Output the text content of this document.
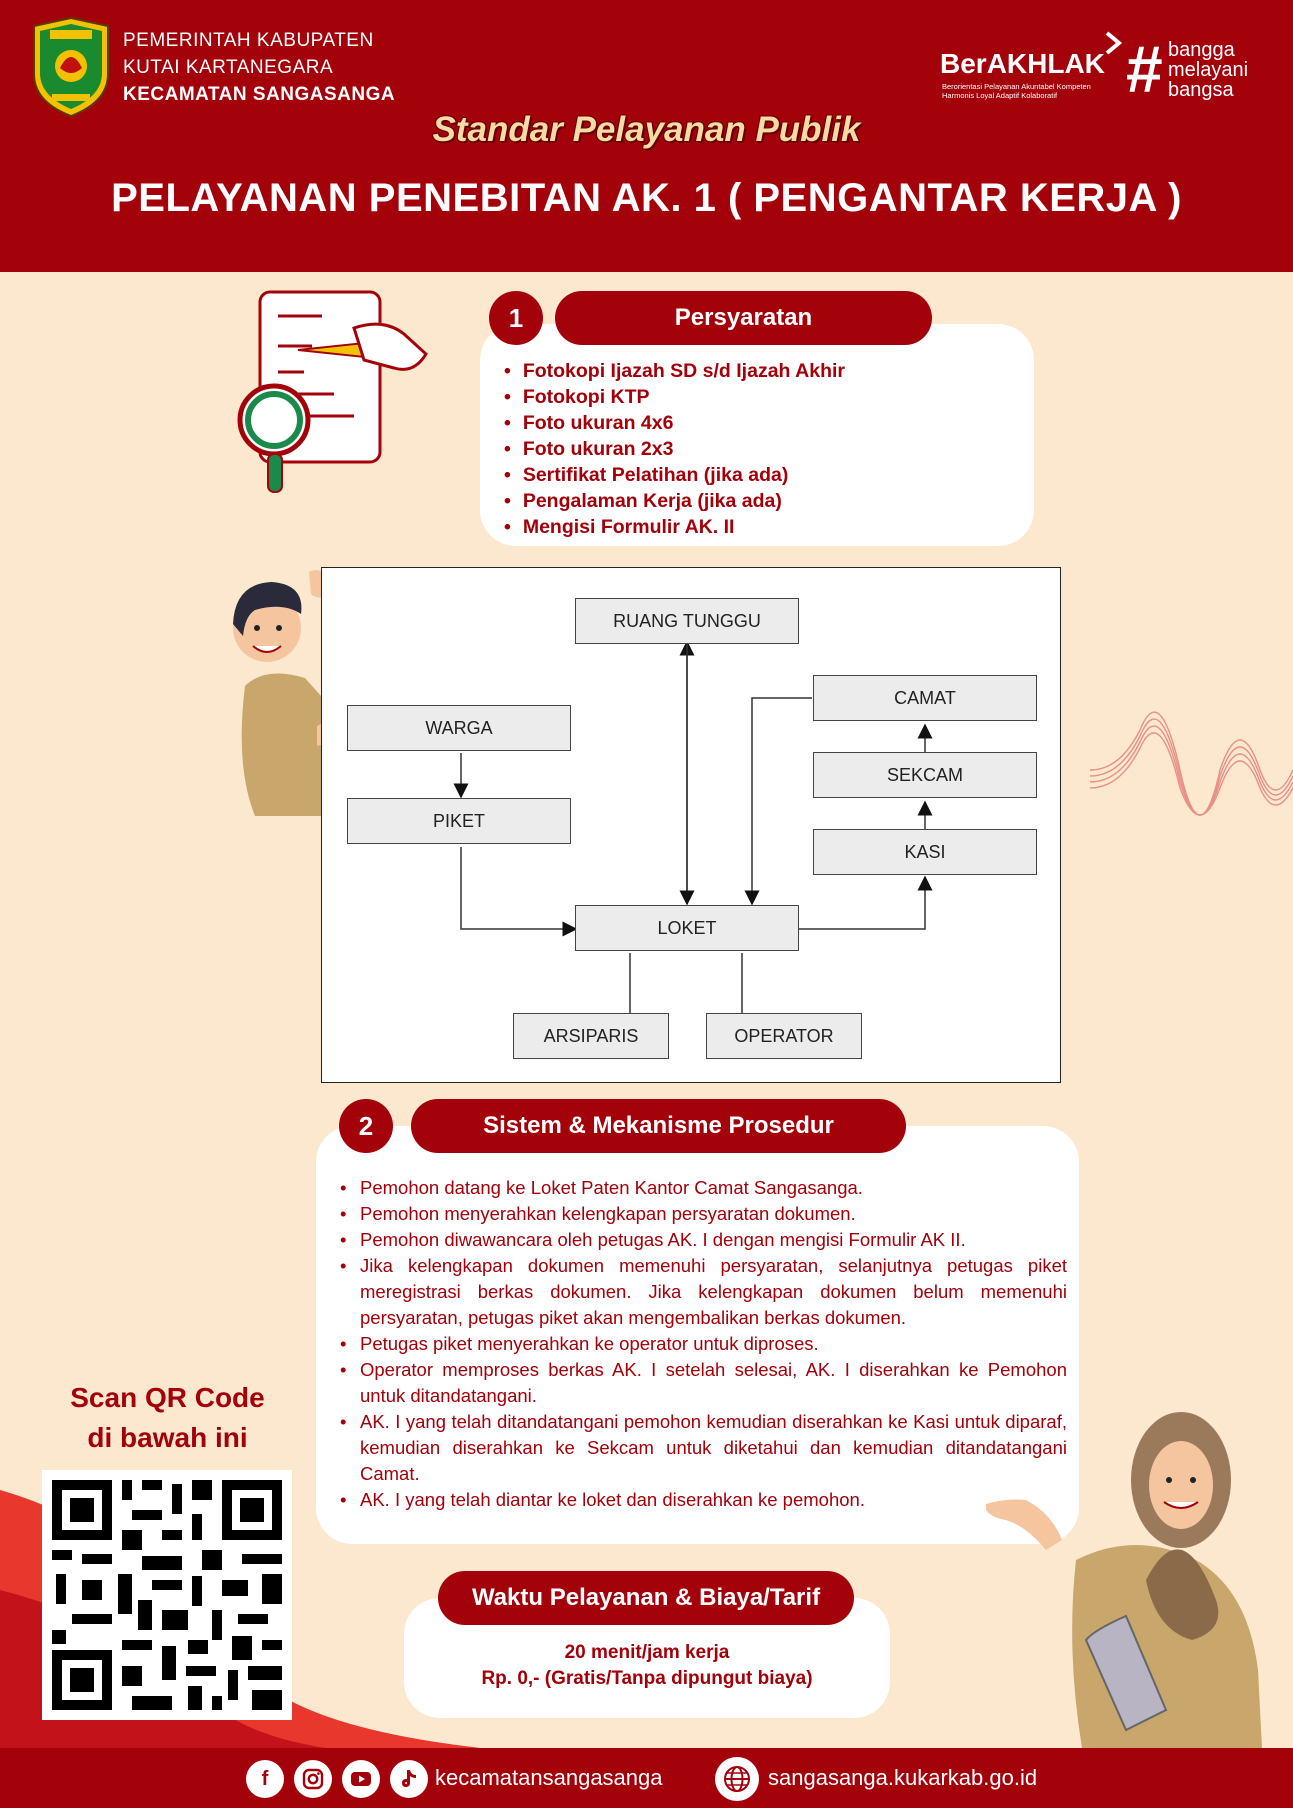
PEMERINTAH KABUPATEN
KUTAI KARTANEGARA
KECAMATAN SANGASANGA
BerAKHLAK
Berorientasi Pelayanan Akuntabel Kompeten Harmonis Loyal Adaptif Kolaboratif	# bangga
melayani
bangsa
Standar Pelayanan Publik
PELAYANAN PENEBITAN AK. 1 ( PENGANTAR KERJA )
1	Persyaratan
• Fotokopi Ijazah SD s/d Ijazah Akhir
• Fotokopi KTP
• Foto ukuran 4x6
• Foto ukuran 2x3
• Sertifikat Pelatihan (jika ada)
• Pengalaman Kerja (jika ada)
• Mengisi Formulir AK. II
RUANG TUNGGU
WARGA
PIKET
LOKET
CAMAT
SEKCAM
KASI
ARSIPARIS	OPERATOR
2	Sistem & Mekanisme Prosedur
• Pemohon datang ke Loket Paten Kantor Camat Sangasanga.
• Pemohon menyerahkan kelengkapan persyaratan dokumen.
• Pemohon diwawancara oleh petugas AK. I dengan mengisi Formulir AK II.
• Jika kelengkapan dokumen memenuhi persyaratan, selanjutnya petugas piket meregistrasi berkas dokumen. Jika kelengkapan dokumen belum memenuhi persyaratan, petugas piket akan mengembalikan berkas dokumen.
• Petugas piket menyerahkan ke operator untuk diproses.
• Operator memproses berkas AK. I setelah selesai, AK. I diserahkan ke Pemohon untuk ditandatangani.
• AK. I yang telah ditandatangani pemohon kemudian diserahkan ke Kasi untuk diparaf, kemudian diserahkan ke Sekcam untuk diketahui dan kemudian ditandatangani Camat.
• AK. I yang telah diantar ke loket dan diserahkan ke pemohon.
Scan QR Code
di bawah ini
Waktu Pelayanan & Biaya/Tarif
20 menit/jam kerja
Rp. 0,- (Gratis/Tanpa dipungut biaya)
f	kecamatansangasanga	sangasanga.kukarkab.go.id
